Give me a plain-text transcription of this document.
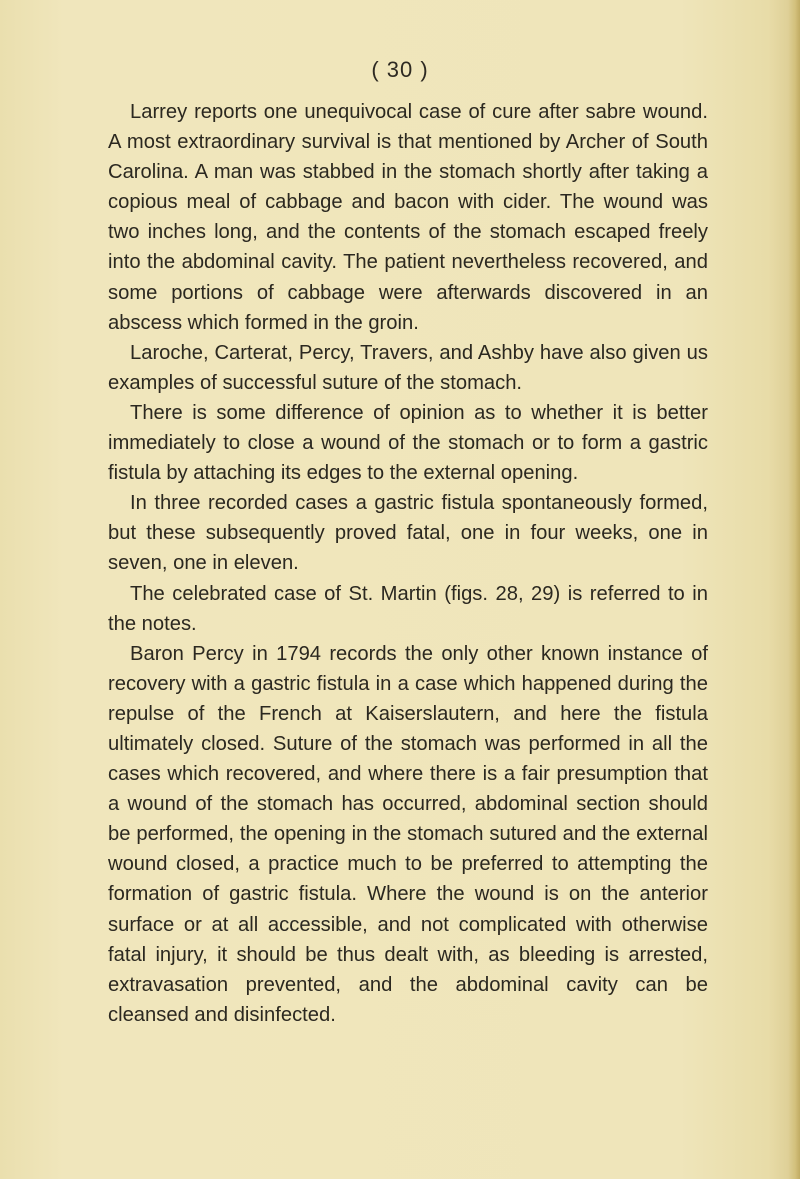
( 30 )

Larrey reports one unequivocal case of cure after sabre wound. A most extraordinary survival is that mentioned by Archer of South Carolina. A man was stabbed in the stomach shortly after taking a copious meal of cabbage and bacon with cider. The wound was two inches long, and the contents of the stomach escaped freely into the abdominal cavity. The patient nevertheless recovered, and some portions of cabbage were afterwards discovered in an abscess which formed in the groin.

Laroche, Carterat, Percy, Travers, and Ashby have also given us examples of successful suture of the stomach.

There is some difference of opinion as to whether it is better immediately to close a wound of the stomach or to form a gastric fistula by attaching its edges to the external opening.

In three recorded cases a gastric fistula spontaneously formed, but these subsequently proved fatal, one in four weeks, one in seven, one in eleven.

The celebrated case of St. Martin (figs. 28, 29) is referred to in the notes.

Baron Percy in 1794 records the only other known instance of recovery with a gastric fistula in a case which happened during the repulse of the French at Kaiserslautern, and here the fistula ultimately closed. Suture of the stomach was performed in all the cases which recovered, and where there is a fair presumption that a wound of the stomach has occurred, abdominal section should be performed, the opening in the stomach sutured and the external wound closed, a practice much to be preferred to attempting the formation of gastric fistula. Where the wound is on the anterior surface or at all accessible, and not complicated with otherwise fatal injury, it should be thus dealt with, as bleeding is arrested, extravasation prevented, and the abdominal cavity can be cleansed and disinfected.
